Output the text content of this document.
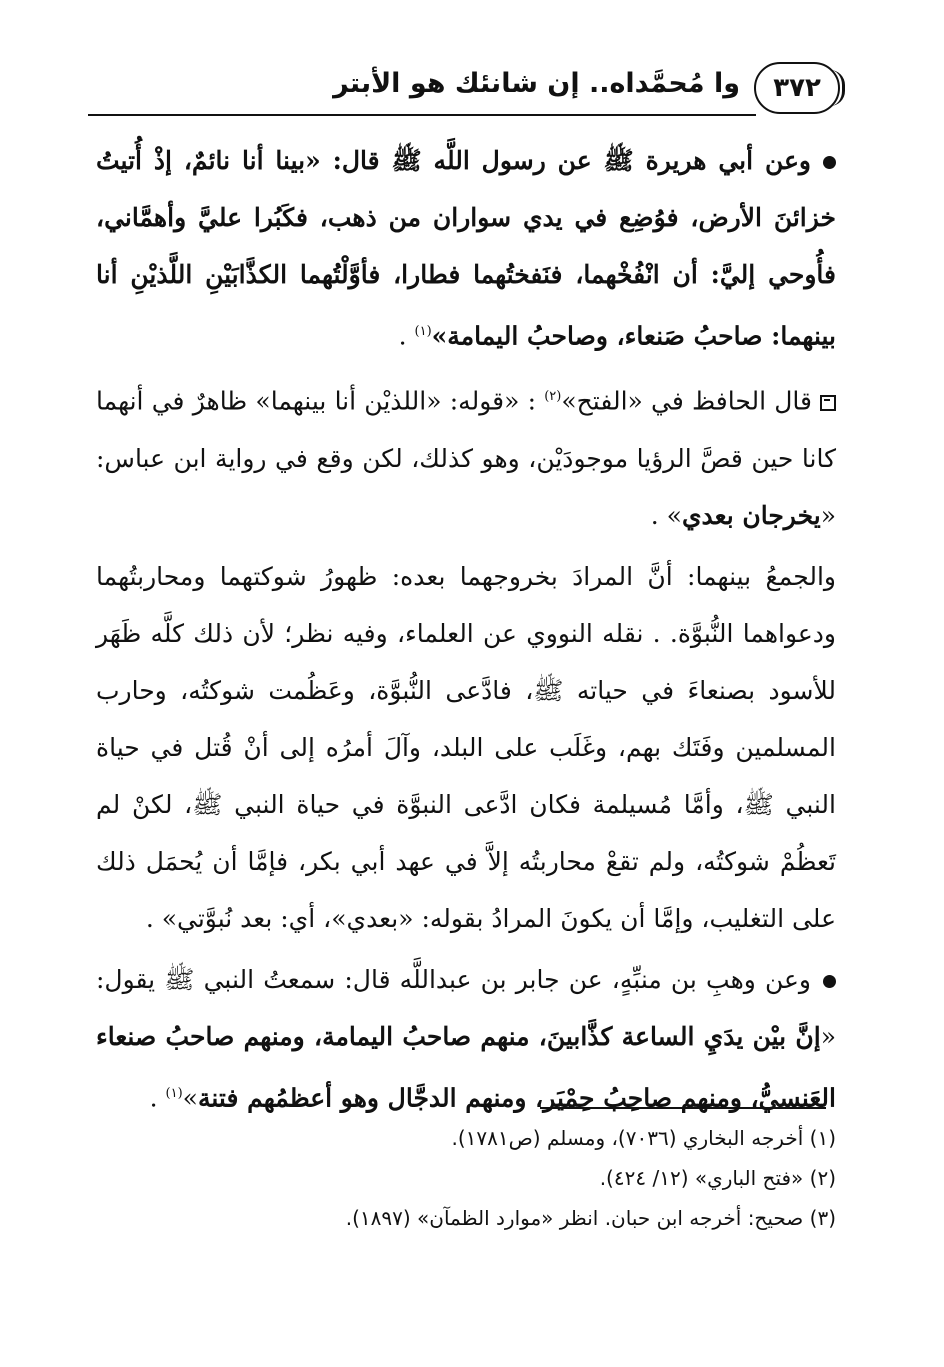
٣٧٢
وا مُحمَّداه.. إن شانئك هو الأبتر

وعن أبي هريرة ﷺ عن رسول اللَّه ﷺ قال: «بينا أنا نائمٌ، إذْ أُتيتُ خزائنَ الأرض، فوُضِع في يدي سواران من ذهب، فكَبُرا عليَّ وأهمَّاني، فأُوحي إليَّ: أن انْفُخْهما، فنَفختُهما فطارا، فأوَّلْتُهما الكذَّابَيْنِ اللَّذيْنِ أنا بينهما: صاحبُ صَنعاء، وصاحبُ اليمامة»$^{(١)}$ .

قال الحافظ في «الفتح»$^{(٢)}$ : «قوله: «اللذيْن أنا بينهما» ظاهرٌ في أنهما كانا حين قصَّ الرؤيا موجودَيْن، وهو كذلك، لكن وقع في رواية ابن عباس: «يخرجان بعدي» .

والجمعُ بينهما: أنَّ المرادَ بخروجهما بعده: ظهورُ شوكتهما ومحاربتُهما ودعواهما النُّبوَّة. . نقله النووي عن العلماء، وفيه نظر؛ لأن ذلك كلَّه ظَهَر للأسود بصنعاءَ في حياته ﷺ، فادَّعى النُّبوَّة، وعَظُمت شوكتُه، وحارب المسلمين وفَتَك بهم، وغَلَب على البلد، وآلَ أمرُه إلى أنْ قُتل في حياة النبي ﷺ، وأمَّا مُسيلمة فكان ادَّعى النبوَّة في حياة النبي ﷺ، لكنْ لم تَعظُمْ شوكتُه، ولم تقعْ محاربتُه إلاَّ في عهد أبي بكر، فإمَّا أن يُحمَل ذلك على التغليب، وإمَّا أن يكونَ المرادُ بقوله: «بعدي»، أي: بعد نُبوَّتي» .

وعن وهبِ بن منبِّهٍ، عن جابر بن عبداللَّه قال: سمعتُ النبي ﷺ يقول: «إنَّ بيْن يدَيِ الساعة كذَّابينَ، منهم صاحبُ اليمامة، ومنهم صاحبُ صنعاء العَنسيُّ، ومنهم صاحِبُ حِمْيَر، ومنهم الدجَّال وهو أعظمُهم فتنة»$^{(١)}$ .

(١) أخرجه البخاري (٧٠٣٦)، ومسلم (ص١٧٨١).

(٢) «فتح الباري» (١٢/ ٤٢٤).

(٣) صحيح: أخرجه ابن حبان. انظر «موارد الظمآن» (١٨٩٧).
